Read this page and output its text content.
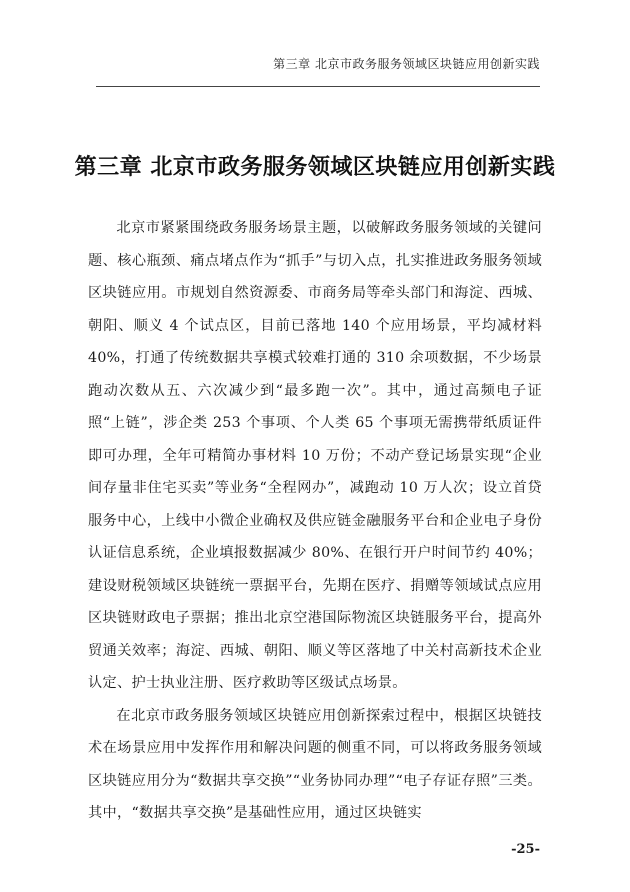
第三章 北京市政务服务领域区块链应用创新实践
第三章 北京市政务服务领域区块链应用创新实践

北京市紧紧围绕政务服务场景主题，以破解政务服务领域的关键问题、核心瓶颈、痛点堵点作为“抓手”与切入点，扎实推进政务服务领域区块链应用。市规划自然资源委、市商务局等牵头部门和海淀、西城、朝阳、顺义 4 个试点区，目前已落地 140 个应用场景，平均减材料 40%，打通了传统数据共享模式较难打通的 310 余项数据，不少场景跑动次数从五、六次减少到“最多跑一次”。其中，通过高频电子证照“上链”，涉企类 253 个事项、个人类 65 个事项无需携带纸质证件即可办理，全年可精简办事材料 10 万份；不动产登记场景实现“企业间存量非住宅买卖”等业务“全程网办”，减跑动 10 万人次；设立首贷服务中心，上线中小微企业确权及供应链金融服务平台和企业电子身份认证信息系统，企业填报数据减少 80%、在银行开户时间节约 40%；建设财税领域区块链统一票据平台，先期在医疗、捐赠等领域试点应用区块链财政电子票据；推出北京空港国际物流区块链服务平台，提高外贸通关效率；海淀、西城、朝阳、顺义等区落地了中关村高新技术企业认定、护士执业注册、医疗救助等区级试点场景。

在北京市政务服务领域区块链应用创新探索过程中，根据区块链技术在场景应用中发挥作用和解决问题的侧重不同，可以将政务服务领域区块链应用分为“数据共享交换”“业务协同办理”“电子存证存照”三类。其中，“数据共享交换”是基础性应用，通过区块链实

-25-
